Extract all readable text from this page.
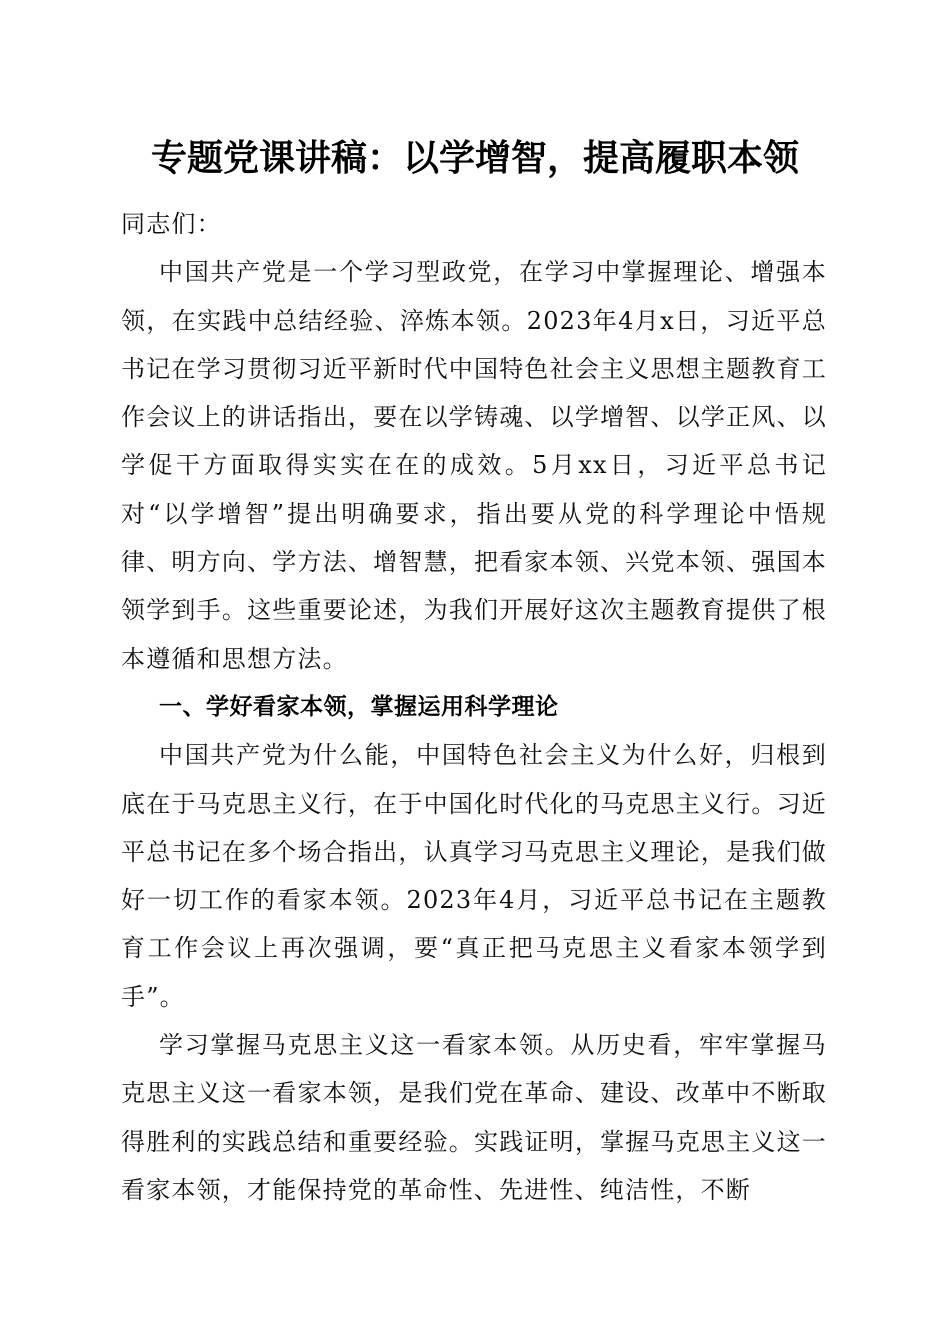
专题党课讲稿：以学增智，提高履职本领

同志们：

中国共产党是一个学习型政党，在学习中掌握理论、增强本领，在实践中总结经验、淬炼本领。2023年4月x日，习近平总书记在学习贯彻习近平新时代中国特色社会主义思想主题教育工作会议上的讲话指出，要在以学铸魂、以学增智、以学正风、以学促干方面取得实实在在的成效。5月xx日，习近平总书记对“以学增智”提出明确要求，指出要从党的科学理论中悟规律、明方向、学方法、增智慧，把看家本领、兴党本领、强国本领学到手。这些重要论述，为我们开展好这次主题教育提供了根本遵循和思想方法。

一、学好看家本领，掌握运用科学理论

中国共产党为什么能，中国特色社会主义为什么好，归根到底在于马克思主义行，在于中国化时代化的马克思主义行。习近平总书记在多个场合指出，认真学习马克思主义理论，是我们做好一切工作的看家本领。2023年4月，习近平总书记在主题教育工作会议上再次强调，要“真正把马克思主义看家本领学到手”。

学习掌握马克思主义这一看家本领。从历史看，牢牢掌握马克思主义这一看家本领，是我们党在革命、建设、改革中不断取得胜利的实践总结和重要经验。实践证明，掌握马克思主义这一看家本领，才能保持党的革命性、先进性、纯洁性，不断
